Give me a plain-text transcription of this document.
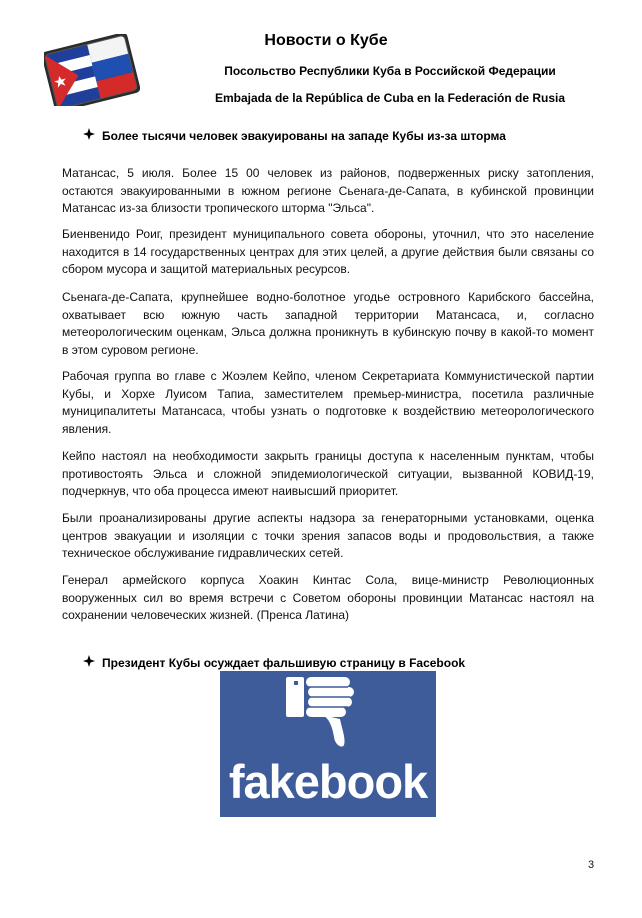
Новости о Кубе
Посольство Республики Куба в Российской Федерации
Embajada de la República de Cuba en la Federación de Rusia
Более тысячи человек эвакуированы на западе Кубы из-за шторма

Матансас, 5 июля. Более 15 00 человек из районов, подверженных риску затопления, остаются эвакуированными в южном регионе Сьенага-де-Сапата, в кубинской провинции Матансас из-за близости тропического шторма "Эльса".

Биенвенидо Роиг, президент муниципального совета обороны, уточнил, что это население находится в 14 государственных центрах для этих целей, а другие действия были связаны со сбором мусора и защитой материальных ресурсов.

Сьенага-де-Сапата, крупнейшее водно-болотное угодье островного Карибского бассейна, охватывает всю южную часть западной территории Матансаса, и, согласно метеорологическим оценкам, Эльса должна проникнуть в кубинскую почву в какой-то момент в этом суровом регионе.

Рабочая группа во главе с Жоэлем Кейпо, членом Секретариата Коммунистической партии Кубы, и Хорхе Луисом Тапиа, заместителем премьер-министра, посетила различные муниципалитеты Матансаса, чтобы узнать о подготовке к воздействию метеорологического явления.

Кейпо настоял на необходимости закрыть границы доступа к населенным пунктам, чтобы противостоять Эльса и сложной эпидемиологической ситуации, вызванной КОВИД-19, подчеркнув, что оба процесса имеют наивысший приоритет.

Были проанализированы другие аспекты надзора за генераторными установками, оценка центров эвакуации и изоляции с точки зрения запасов воды и продовольствия, а также техническое обслуживание гидравлических сетей.

Генерал армейского корпуса Хоакин Кинтас Сола, вице-министр Революционных вооруженных сил во время встречи с Советом обороны провинции Матансас настоял на сохранении человеческих жизней. (Пренса Латина)

Президент Кубы осуждает фальшивую страницу в Facebook
fakebook
3
